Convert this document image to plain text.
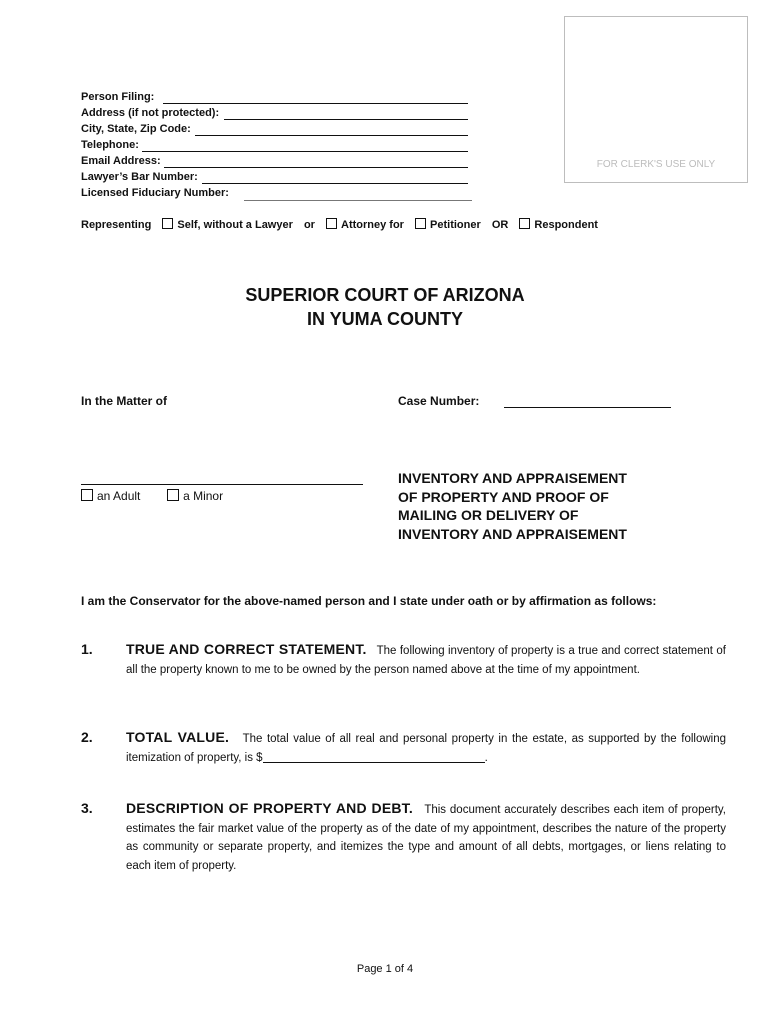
FOR CLERK'S USE ONLY
Person Filing:
Address (if not protected):
City, State, Zip Code:
Telephone:
Email Address:
Lawyer’s Bar Number:
Licensed Fiduciary Number:
Representing Self, without a Lawyer or Attorney for Petitioner OR Respondent
SUPERIOR COURT OF ARIZONA
IN YUMA COUNTY
In the Matter of	Case Number:
an Adult	a Minor
INVENTORY AND APPRAISEMENT
OF PROPERTY AND PROOF OF
MAILING OR DELIVERY OF
INVENTORY AND APPRAISEMENT
I am the Conservator for the above-named person and I state under oath or by affirmation as follows:
1. TRUE AND CORRECT STATEMENT. The following inventory of property is a true and correct statement of all the property known to me to be owned by the person named above at the time of my appointment.
2. TOTAL VALUE. The total value of all real and personal property in the estate, as supported by the following itemization of property, is $	.
3. DESCRIPTION OF PROPERTY AND DEBT. This document accurately describes each item of property, estimates the fair market value of the property as of the date of my appointment, describes the nature of the property as community or separate property, and itemizes the type and amount of all debts, mortgages, or liens relating to each item of property.
Page 1 of 4
